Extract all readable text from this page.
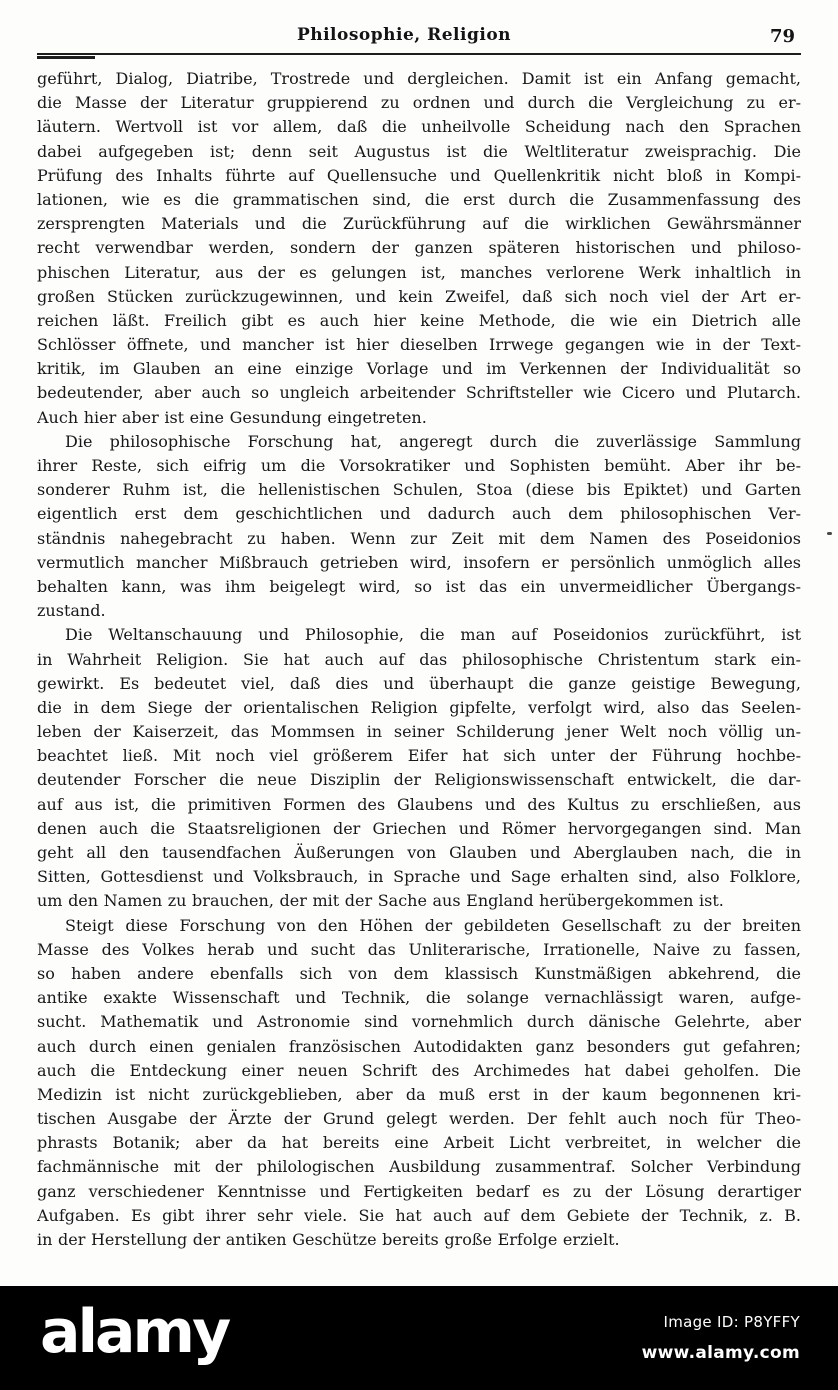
Philosophie, Religion	79
geführt, Dialog, Diatribe, Trostrede und dergleichen. Damit ist ein Anfang gemacht,
die Masse der Literatur gruppierend zu ordnen und durch die Vergleichung zu er-
läutern. Wertvoll ist vor allem, daß die unheilvolle Scheidung nach den Sprachen
dabei aufgegeben ist; denn seit Augustus ist die Weltliteratur zweisprachig. Die
Prüfung des Inhalts führte auf Quellensuche und Quellenkritik nicht bloß in Kompi-
lationen, wie es die grammatischen sind, die erst durch die Zusammenfassung des
zersprengten Materials und die Zurückführung auf die wirklichen Gewährsmänner
recht verwendbar werden, sondern der ganzen späteren historischen und philoso-
phischen Literatur, aus der es gelungen ist, manches verlorene Werk inhaltlich in
großen Stücken zurückzugewinnen, und kein Zweifel, daß sich noch viel der Art er-
reichen läßt. Freilich gibt es auch hier keine Methode, die wie ein Dietrich alle
Schlösser öffnete, und mancher ist hier dieselben Irrwege gegangen wie in der Text-
kritik, im Glauben an eine einzige Vorlage und im Verkennen der Individualität so
bedeutender, aber auch so ungleich arbeitender Schriftsteller wie Cicero und Plutarch.
Auch hier aber ist eine Gesundung eingetreten.
Die philosophische Forschung hat, angeregt durch die zuverlässige Sammlung
ihrer Reste, sich eifrig um die Vorsokratiker und Sophisten bemüht. Aber ihr be-
sonderer Ruhm ist, die hellenistischen Schulen, Stoa (diese bis Epiktet) und Garten
eigentlich erst dem geschichtlichen und dadurch auch dem philosophischen Ver-
ständnis nahegebracht zu haben. Wenn zur Zeit mit dem Namen des Poseidonios
vermutlich mancher Mißbrauch getrieben wird, insofern er persönlich unmöglich alles
behalten kann, was ihm beigelegt wird, so ist das ein unvermeidlicher Übergangs-
zustand.
Die Weltanschauung und Philosophie, die man auf Poseidonios zurückführt, ist
in Wahrheit Religion. Sie hat auch auf das philosophische Christentum stark ein-
gewirkt. Es bedeutet viel, daß dies und überhaupt die ganze geistige Bewegung,
die in dem Siege der orientalischen Religion gipfelte, verfolgt wird, also das Seelen-
leben der Kaiserzeit, das Mommsen in seiner Schilderung jener Welt noch völlig un-
beachtet ließ. Mit noch viel größerem Eifer hat sich unter der Führung hochbe-
deutender Forscher die neue Disziplin der Religionswissenschaft entwickelt, die dar-
auf aus ist, die primitiven Formen des Glaubens und des Kultus zu erschließen, aus
denen auch die Staatsreligionen der Griechen und Römer hervorgegangen sind. Man
geht all den tausendfachen Äußerungen von Glauben und Aberglauben nach, die in
Sitten, Gottesdienst und Volksbrauch, in Sprache und Sage erhalten sind, also Folklore,
um den Namen zu brauchen, der mit der Sache aus England herübergekommen ist.
Steigt diese Forschung von den Höhen der gebildeten Gesellschaft zu der breiten
Masse des Volkes herab und sucht das Unliterarische, Irrationelle, Naive zu fassen,
so haben andere ebenfalls sich von dem klassisch Kunstmäßigen abkehrend, die
antike exakte Wissenschaft und Technik, die solange vernachlässigt waren, aufge-
sucht. Mathematik und Astronomie sind vornehmlich durch dänische Gelehrte, aber
auch durch einen genialen französischen Autodidakten ganz besonders gut gefahren;
auch die Entdeckung einer neuen Schrift des Archimedes hat dabei geholfen. Die
Medizin ist nicht zurückgeblieben, aber da muß erst in der kaum begonnenen kri-
tischen Ausgabe der Ärzte der Grund gelegt werden. Der fehlt auch noch für Theo-
phrasts Botanik; aber da hat bereits eine Arbeit Licht verbreitet, in welcher die
fachmännische mit der philologischen Ausbildung zusammentraf. Solcher Verbindung
ganz verschiedener Kenntnisse und Fertigkeiten bedarf es zu der Lösung derartiger
Aufgaben. Es gibt ihrer sehr viele. Sie hat auch auf dem Gebiete der Technik, z. B.
in der Herstellung der antiken Geschütze bereits große Erfolge erzielt.
alamy	Image ID: P8YFFY
www.alamy.com
